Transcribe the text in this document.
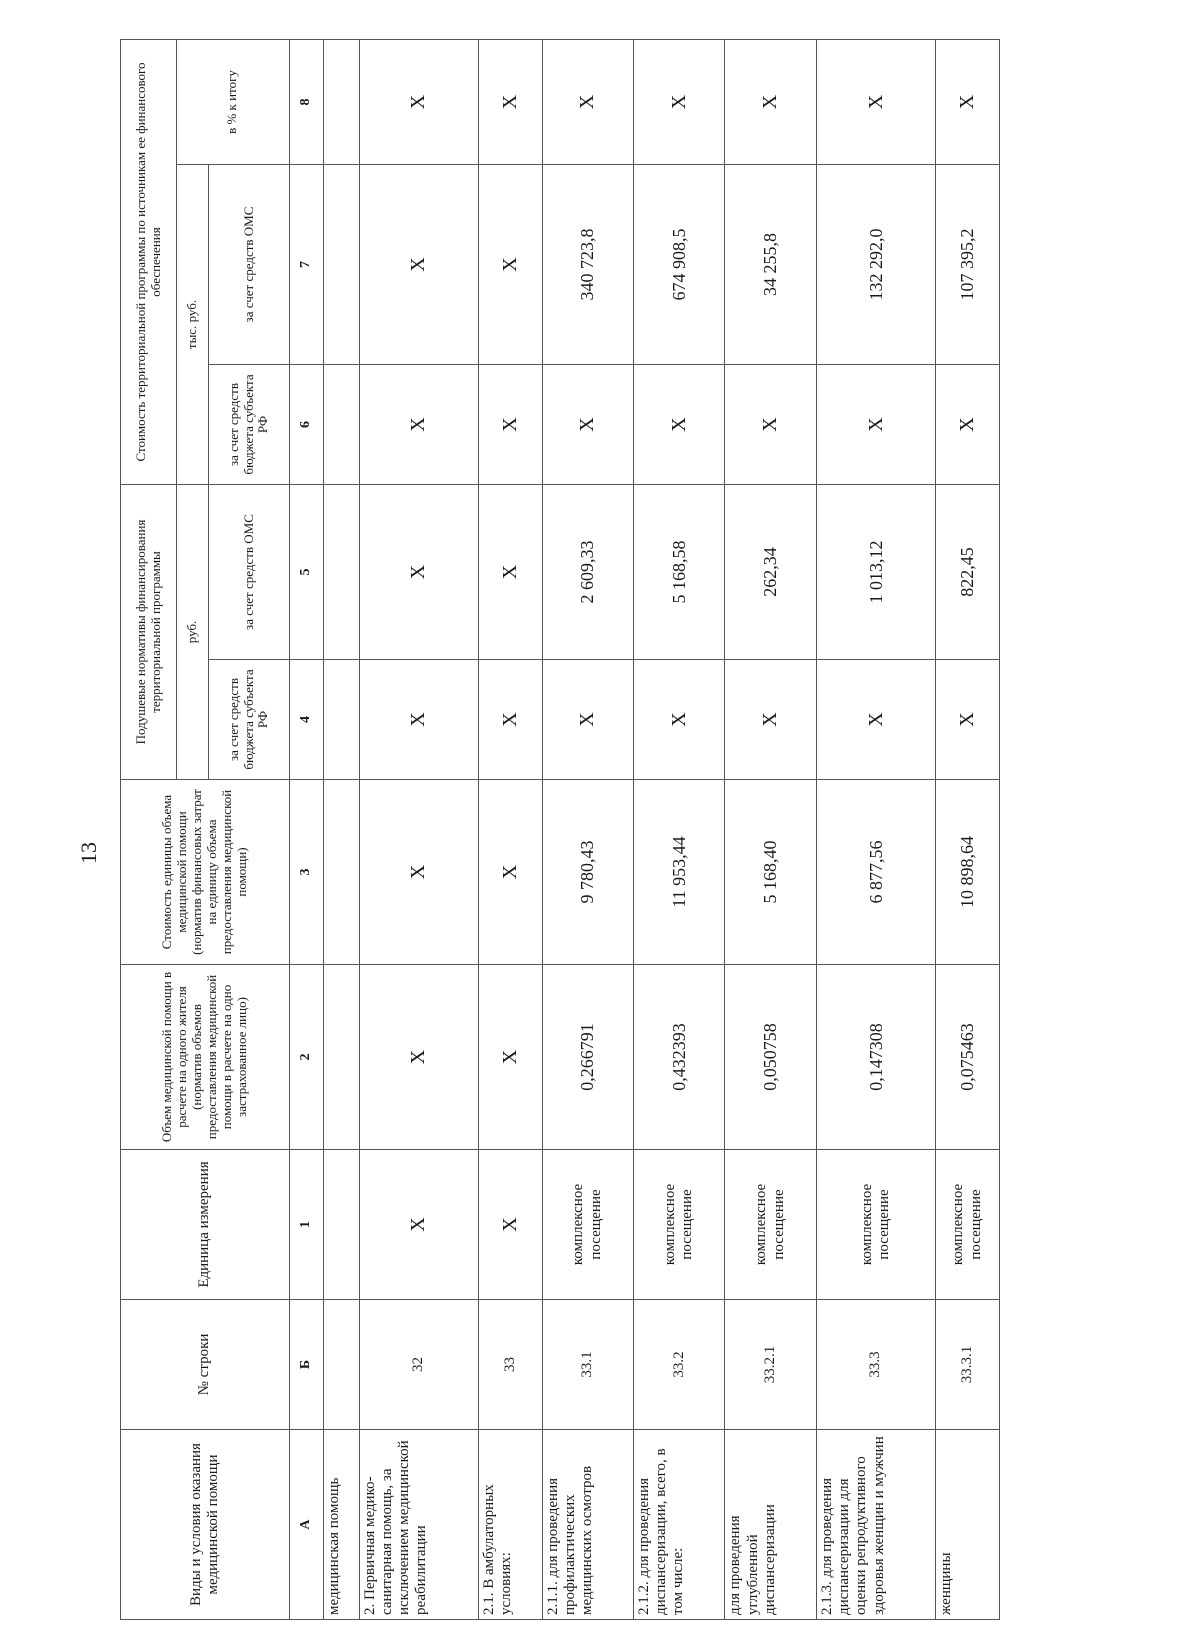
13
Виды и условия оказания медицинской помощи	№ строки	Единица измерения	Объем медицинской помощи в расчете на одного жителя (норматив объемов предоставления медицинской помощи в расчете на одно застрахованное лицо)	Стоимость единицы объема медицинской помощи (норматив финансовых затрат на единицу объема предоставления медицинской помощи)	Подушевые нормативы финансирования территориальной программы		Стоимость территориальной программы по источникам ее финансового обеспечения		
					руб.		тыс. руб.		в % к итогу
					за счет средств бюджета субъекта РФ	за счет средств ОМС	за счет средств бюджета субъекта РФ	за счет средств ОМС	
А	Б	1	2	3	4	5	6	7	8
медицинская помощь									
2. Первичная медико-санитарная помощь, за исключением медицинской реабилитации	32	X	X	X	X	X	X	X	X
2.1. В амбулаторных условиях:	33	X	X	X	X	X	X	X	X
2.1.1. для проведения профилактических медицинских осмотров	33.1	комплексное посещение	0,266791	9 780,43	X	2 609,33	X	340 723,8	X
2.1.2. для проведения диспансеризации, всего, в том числе:	33.2	комплексное посещение	0,432393	11 953,44	X	5 168,58	X	674 908,5	X
для проведения углубленной диспансеризации	33.2.1	комплексное посещение	0,050758	5 168,40	X	262,34	X	34 255,8	X
2.1.3. для проведения диспансеризации для оценки репродуктивного здоровья женщин и мужчин	33.3	комплексное посещение	0,147308	6 877,56	X	1 013,12	X	132 292,0	X
женщины	33.3.1	комплексное посещение	0,075463	10 898,64	X	822,45	X	107 395,2	X
